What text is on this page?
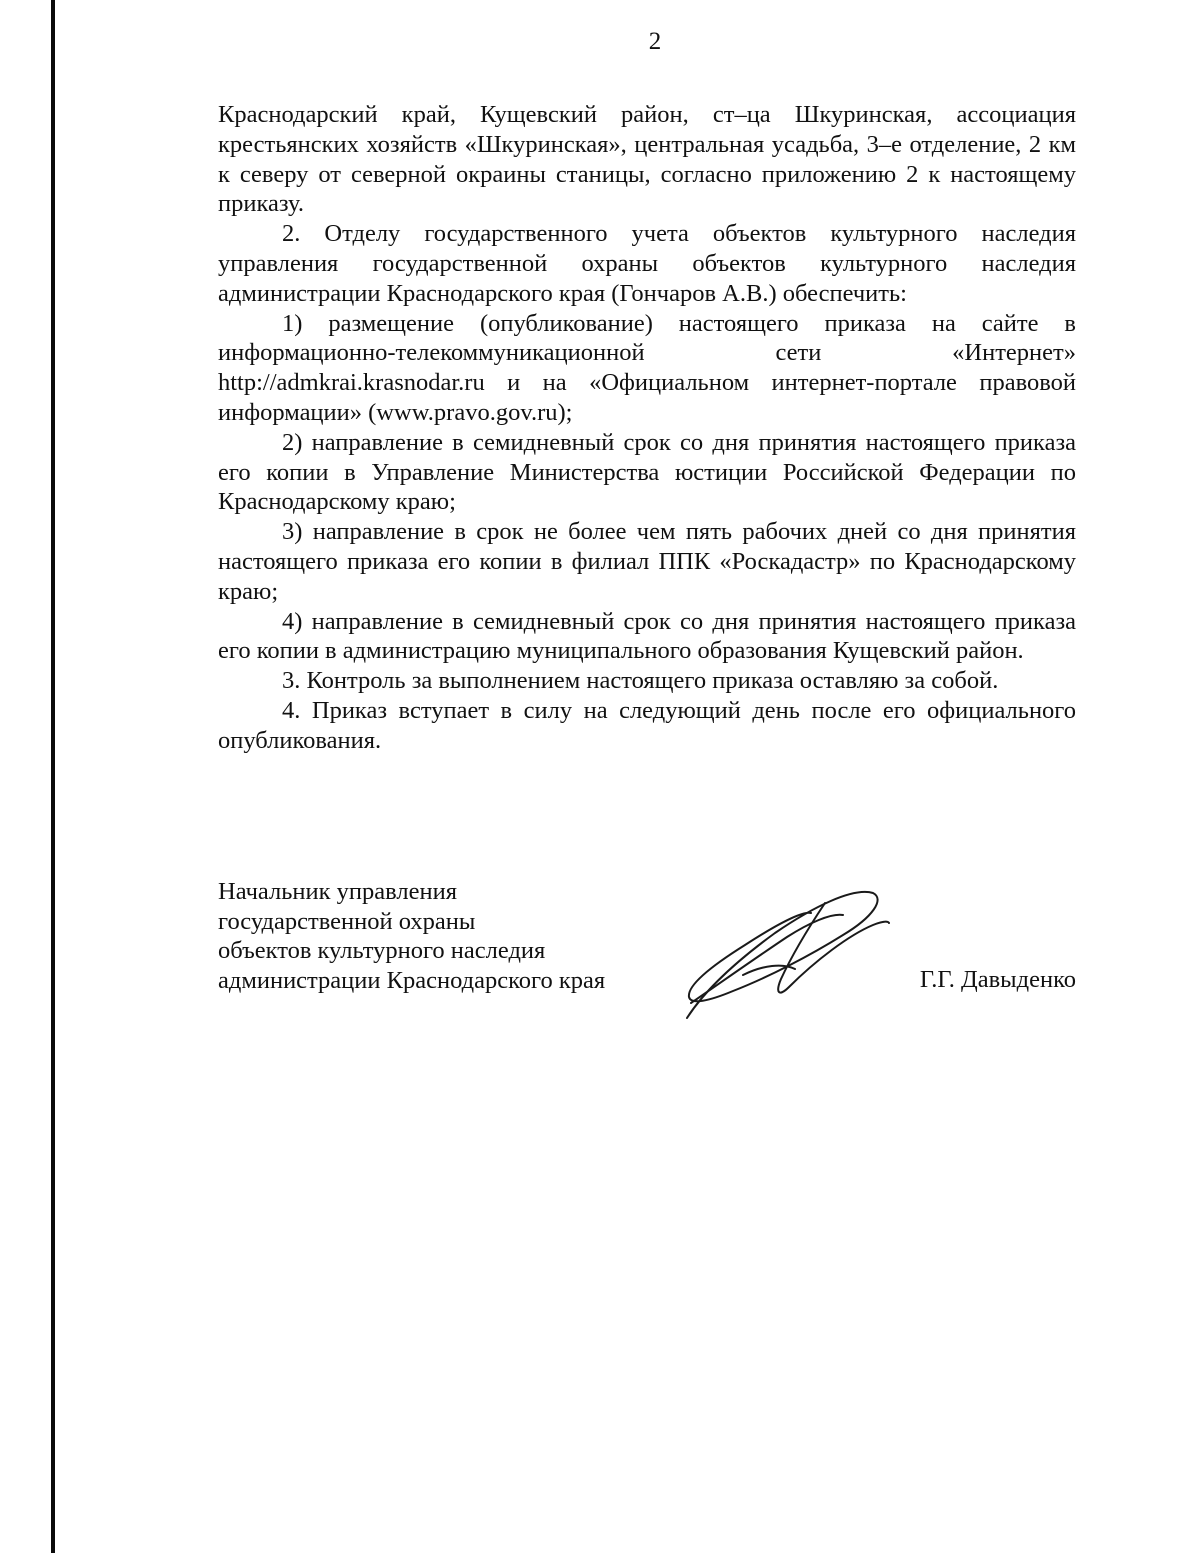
2

Краснодарский край, Кущевский район, ст–ца Шкуринская, ассоциация крестьянских хозяйств «Шкуринская», центральная усадьба, 3–е отделение, 2 км к северу от северной окраины станицы, согласно приложению 2 к настоящему приказу.

2. Отделу государственного учета объектов культурного наследия управления государственной охраны объектов культурного наследия администрации Краснодарского края (Гончаров А.В.) обеспечить:

1) размещение (опубликование) настоящего приказа на сайте в информационно-телекоммуникационной сети «Интернет» http://admkrai.krasnodar.ru и на «Официальном интернет-портале правовой информации» (www.pravo.gov.ru);

2) направление в семидневный срок со дня принятия настоящего приказа его копии в Управление Министерства юстиции Российской Федерации по Краснодарскому краю;

3) направление в срок не более чем пять рабочих дней со дня принятия настоящего приказа его копии в филиал ППК «Роскадастр» по Краснодарскому краю;

4) направление в семидневный срок со дня принятия настоящего приказа его копии в администрацию муниципального образования Кущевский район.

3. Контроль за выполнением настоящего приказа оставляю за собой.

4. Приказ вступает в силу на следующий день после его официального опубликования.

Начальник управления
государственной охраны
объектов культурного наследия
администрации Краснодарского края	Г.Г. Давыденко
